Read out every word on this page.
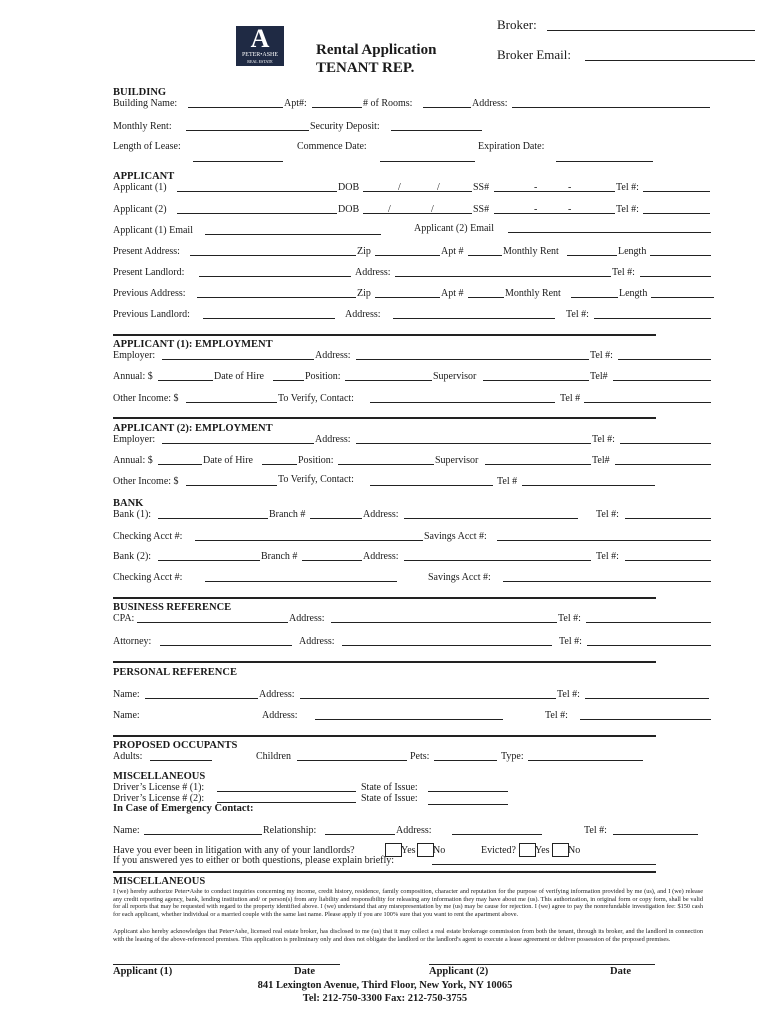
A
PETER•ASHE
REAL ESTATE
Rental Application
TENANT REP.
Broker:
Broker Email:
BUILDING
Building Name:	Apt#:	# of Rooms:	Address:
Monthly Rent:	Security Deposit:
Length of Lease:	Commence Date:	Expiration Date:
APPLICANT
Applicant (1)	DOB	/	/	SS#	-	-	Tel #:
Applicant (2)	DOB	/	/	SS#	-	-	Tel #:
Applicant (1) Email	Applicant (2) Email
Present Address:	Zip	Apt #	Monthly Rent	Length
Present Landlord:	Address:	Tel #:
Previous Address:	Zip	Apt #	Monthly Rent	Length
Previous Landlord:	Address:	Tel #:
APPLICANT (1): EMPLOYMENT
Employer:	Address:	Tel #:
Annual: $	Date of Hire	Position:	Supervisor	Tel#
Other Income: $	To Verify, Contact:	Tel #
APPLICANT (2): EMPLOYMENT
Employer:	Address:	Tel #:
Annual: $	Date of Hire	Position:	Supervisor	Tel#
Other Income: $	To Verify, Contact:	Tel #
BANK
Bank (1):	Branch #	Address:	Tel #:
Checking Acct #:	Savings Acct #:
Bank (2):	Branch #	Address:	Tel #:
Checking Acct #:	Savings Acct #:
BUSINESS REFERENCE
CPA:	Address:	Tel #:
Attorney:	Address:	Tel #:
PERSONAL REFERENCE
Name:	Address:	Tel #:
Name:	Address:	Tel #:
PROPOSED OCCUPANTS
Adults:	Children	Pets:	Type:
MISCELLANEOUS
Driver’s License # (1):	State of Issue:
Driver’s License # (2):	State of Issue:
In Case of Emergency Contact:
Name:	Relationship:	Address:	Tel #:
Have you ever been in litigation with any of your landlords?	Yes No	Evicted? Yes No
If you answered yes to either or both questions, please explain briefly:
MISCELLANEOUS
I (we) hereby authorize Peter•Ashe to conduct inquiries concerning my income, credit history, residence, family composition, character and reputation for the purpose of verifying information provided by me (us), and I (we) release any credit reporting agency, bank, lending institution and/ or person(s) from any liability and responsibility for releasing any information they may have about me (us). This authorization, in original form or copy form, shall be valid for all reports that may be requested with regard to the property identified above. I (we) understand that any misrepresentation by me (us) may be cause for rejection. I (we) agree to pay the nonrefundable investigation fee: $150 cash for each applicant, whether individual or a married couple with the same last name. Please apply if you are 100% sure that you want to rent the apartment above.
Applicant also hereby acknowledges that Peter•Ashe, licensed real estate broker, has disclosed to me (us) that it may collect a real estate brokerage commission from both the tenant, through its broker, and the landlord in connection with the leasing of the above-referenced premises. This application is preliminary only and does not obligate the landlord or the landlord's agent to execute a lease agreement or deliver possession of the proposed premises.
Applicant (1)	Date	Applicant (2)	Date
841 Lexington Avenue, Third Floor, New York, NY 10065
Tel: 212-750-3300 Fax: 212-750-3755
